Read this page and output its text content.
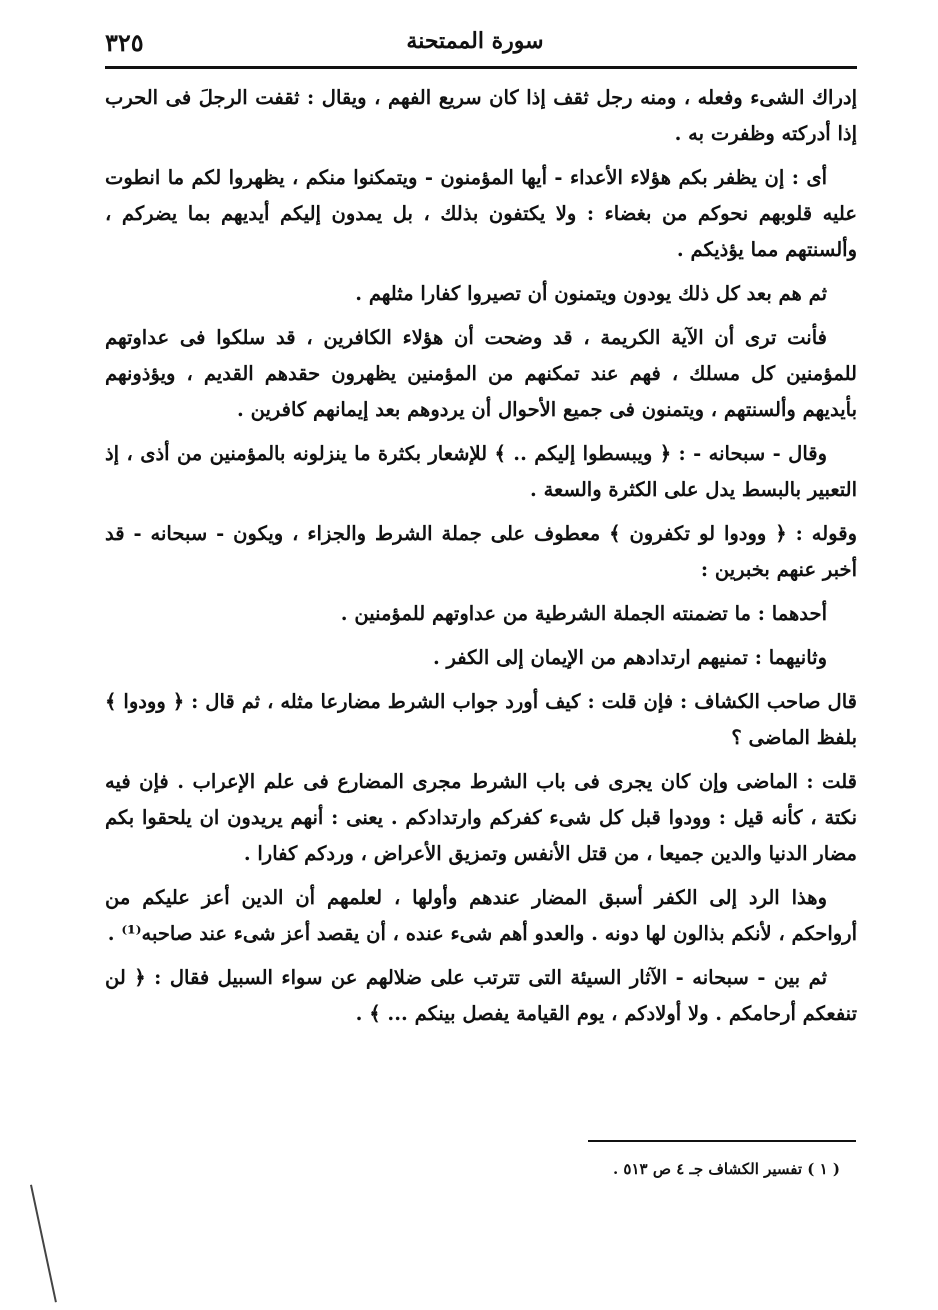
٣٢٥	سورة الممتحنة

إدراك الشىء وفعله ، ومنه رجل ثقف إذا كان سريع الفهم ، ويقال : ثقفت الرجلَ فى الحرب إذا أدركته وظفرت به .

أى : إن يظفر بكم هؤلاء الأعداء - أيها المؤمنون - ويتمكنوا منكم ، يظهروا لكم ما انطوت عليه قلوبهم نحوكم من بغضاء : ولا يكتفون بذلك ، بل يمدون إليكم أيديهم بما يضركم ، وألسنتهم مما يؤذيكم .

ثم هم بعد كل ذلك يودون ويتمنون أن تصيروا كفارا مثلهم .

فأنت ترى أن الآية الكريمة ، قد وضحت أن هؤلاء الكافرين ، قد سلكوا فى عداوتهم للمؤمنين كل مسلك ، فهم عند تمكنهم من المؤمنين يظهرون حقدهم القديم ، ويؤذونهم بأيديهم وألسنتهم ، ويتمنون فى جميع الأحوال أن يردوهم بعد إيمانهم كافرين .

وقال - سبحانه - : ﴿ ويبسطوا إليكم .. ﴾ للإشعار بكثرة ما ينزلونه بالمؤمنين من أذى ، إذ التعبير بالبسط يدل على الكثرة والسعة .

وقوله : ﴿ وودوا لو تكفرون ﴾ معطوف على جملة الشرط والجزاء ، ويكون - سبحانه - قد أخبر عنهم بخبرين :

أحدهما : ما تضمنته الجملة الشرطية من عداوتهم للمؤمنين .

وثانيهما : تمنيهم ارتدادهم من الإيمان إلى الكفر .

قال صاحب الكشاف : فإن قلت : كيف أورد جواب الشرط مضارعا مثله ، ثم قال : ﴿ وودوا ﴾ بلفظ الماضى ؟

قلت : الماضى وإن كان يجرى فى باب الشرط مجرى المضارع فى علم الإعراب . فإن فيه نكتة ، كأنه قيل : وودوا قبل كل شىء كفركم وارتدادكم . يعنى : أنهم يريدون ان يلحقوا بكم مضار الدنيا والدين جميعا ، من قتل الأنفس وتمزيق الأعراض ، وردكم كفارا .

وهذا الرد إلى الكفر أسبق المضار عندهم وأولها ، لعلمهم أن الدين أعز عليكم من أرواحكم ، لأنكم بذالون لها دونه . والعدو أهم شىء عنده ، أن يقصد أعز شىء عند صاحبه⁽¹⁾ .

ثم بين - سبحانه - الآثار السيئة التى تترتب على ضلالهم عن سواء السبيل فقال : ﴿ لن تنفعكم أرحامكم . ولا أولادكم ، يوم القيامة يفصل بينكم ... ﴾ .

( ١ ) تفسير الكشاف جـ ٤ ص ٥١٣ .
